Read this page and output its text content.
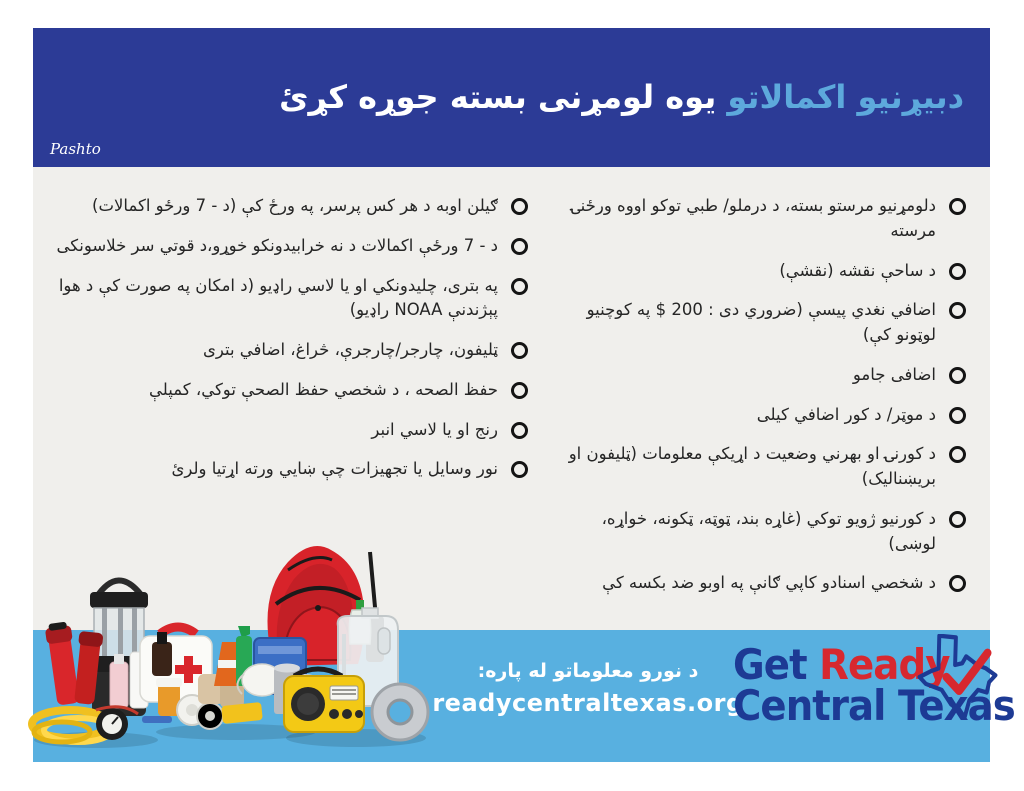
دبیړنیو اکمالاتو یوه لومړنی بسته جوړه کړئ
Pashto
دلومړنیو مرستو بسته، د درملو/ طبي توکو اووه ورځنۍ مرسته
د ساحې نقشه (نقشې)
اضافي نغدي پیسې (ضروري دی : 200 $ په کوچنیو لوټونو کې)
اضافی جامو
د موټر/ د کور اضافي کیلی
د کورنۍ او بهرني وضعیت د اړیکې معلومات (ټلیفون او بریښنالیک)
د کورنیو ژویو توکي (غاړه بند، ټوټه، ټکونه، خواړه، لوښی)
د شخصي اسنادو کاپي ګانې په اوبو ضد بکسه کې
ګیلن اوبه د هر کس پرسر، په ورځ کې (د - 7 ورځو اکمالات)
د - 7 ورځې اکمالات د نه خرابیدونکو خوړو،د قوتي سر خلاسونکی
په بتری، چلیدونکي او یا لاسي راډیو (د امکان په صورت کې د هوا پېژندنې NOAA راډیو)
ټلیفون، چارجر/چارجرې، څراغ، اضافي بتری
حفظ الصحه ، د شخصي حفظ الصحې توکي، کمپلې
رنج او یا لاسي انبر
نور وسایل یا تجهیزات چې ښایي ورته اړتیا ولرئ
د نورو معلوماتو له پاره:
readycentraltexas.org
Get Ready
Central Texas
